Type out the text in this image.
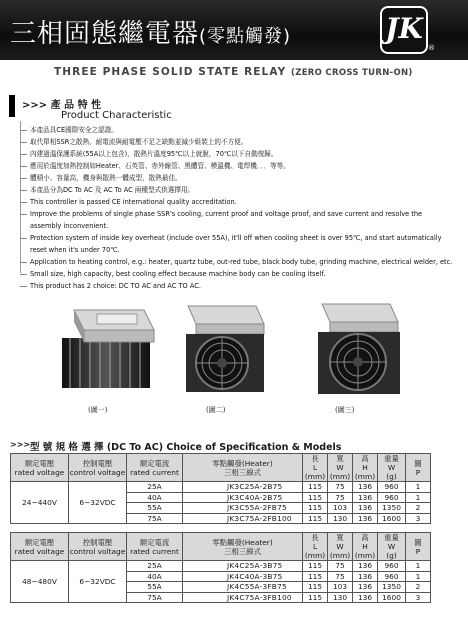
三相固態繼電器(零點觸發)	JK
®
THREE PHASE SOLID STATE RELAY (ZERO CROSS TURN-ON)
>>> 產 品 特 性
Product Characteristic
本產品具CE國際安全之認證。
取代單相SSR之散熱、耐電流與耐電壓不足之缺點並減少組裝上的不方便。
內建過溫保護系統(55A以上包含)，散熱片溫度95℃以上就脫，70℃以下自動復歸。
應用於溫度加熱控制如Heater、石英管、赤外線管、黑體管、模溫機、電焊機．．．等等。
體積小、容量高，機身與散熱一體成型，散熱最佳。
本產品分為DC To AC 及 AC To AC 兩種型式供選擇用。
This controller is passed CE international quality accreditation.
Improve the problems of single phase SSR's cooling, current proof and voltage proof, and save current and resolve the
assembly inconvenient.
Protection system of inside key overheat (include over 55A), it'll off when cooling sheet is over 95℃, and start automatically
reset when it's under 70℃.
Application to heating control, e.g.: heater, quartz tube, out-red tube, black body tube, grinding machine, electrical welder, etc.
Small size, high capacity, best cooling effect because machine body can be cooling itself.
This product has 2 choice: DC TO AC and AC TO AC.
(圖一)	(圖二)	(圖三)
>>> 型 號 規 格 選 擇 (DC To AC) Choice of Specification & Models
額定電壓
rated voltage	控制電壓
control voltage	額定電流
rated current	零點觸發(Heater)
三相三線式	長
L
(mm)	寬
W
(mm)	高
H
(mm)	重量
W
(g)	圖
P
24~440V	6~32VDC	25A	JK3C25A-2B75	115	75	136	960	1
		40A	JK3C40A-2B75	115	75	136	960	1
		55A	JK3C55A-2FB75	115	103	136	1350	2
		75A	JK3C75A-2FB100	115	130	136	1600	3
額定電壓
rated voltage	控制電壓
control voltage	額定電流
rated current	零點觸發(Heater)
三相三線式	長
L
(mm)	寬
W
(mm)	高
H
(mm)	重量
W
(g)	圖
P
48~480V	6~32VDC	25A	JK4C25A-3B75	115	75	136	960	1
		40A	JK4C40A-3B75	115	75	136	960	1
		55A	JK4C55A-3FB75	115	103	136	1350	2
		75A	JK4C75A-3FB100	115	130	136	1600	3
